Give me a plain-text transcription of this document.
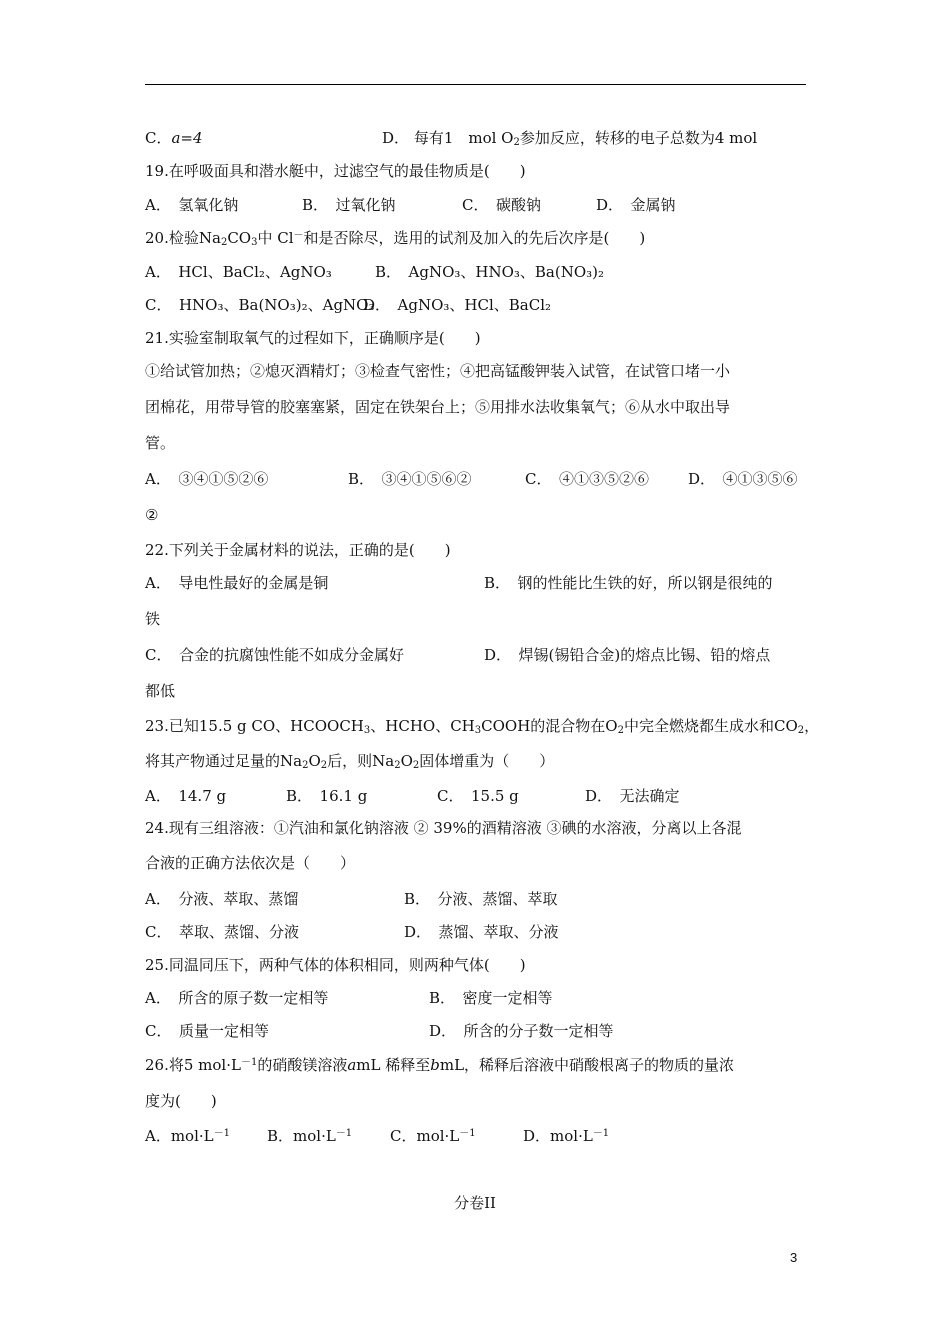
C．a=4	D． 每有1　mol $O_2$参加反应，转移的电子总数为4 mol
19.在呼吸面具和潜水艇中，过滤空气的最佳物质是(　　)
A．　氢氧化钠	B．　过氧化钠	C．　碳酸钠	D．　金属钠
20.检验$Na_2CO_3$中 Cl－和是否除尽，选用的试剂及加入的先后次序是(　　)
A．　HCl、BaCl₂、AgNO₃	B．　AgNO₃、HNO₃、Ba(NO₃)₂
C．　HNO₃、Ba(NO₃)₂、AgNO₃
D．　AgNO₃、HCl、BaCl₂
21.实验室制取氧气的过程如下，正确顺序是(　　)
①给试管加热；②熄灭酒精灯；③检查气密性；④把高锰酸钾装入试管，在试管口堵一小
团棉花，用带导管的胶塞塞紧，固定在铁架台上；⑤用排水法收集氧气；⑥从水中取出导
管。
A．　③④①⑤②⑥	B．　③④①⑤⑥②	C．　④①③⑤②⑥	D．　④①③⑤⑥
②
22.下列关于金属材料的说法，正确的是(　　)
A．　导电性最好的金属是铜	B．　钢的性能比生铁的好，所以钢是很纯的
铁
C．　合金的抗腐蚀性能不如成分金属好	D．　焊锡(锡铅合金)的熔点比锡、铅的熔点
都低
23.已知15.5 g CO、$HCOOCH_3$、HCHO、$CH_3COOH$的混合物在$O_2$中完全燃烧都生成水和$CO_2$，
将其产物通过足量的$Na_2O_2$后，则$Na_2O_2$固体增重为（　　）
A．　14.7 g	B．　16.1 g	C．　15.5 g	D．　无法确定
24.现有三组溶液：①汽油和氯化钠溶液 ② 39%的酒精溶液 ③碘的水溶液，分离以上各混
合液的正确方法依次是（　　）
A．　分液、萃取、蒸馏	B．　分液、蒸馏、萃取
C．　萃取、蒸馏、分液	D．　蒸馏、萃取、分液
25.同温同压下，两种气体的体积相同，则两种气体(　　)
A．　所含的原子数一定相等	B．　密度一定相等
C．　质量一定相等	D．　所含的分子数一定相等
26.将5 $mol\cdot L^{-1}$的硝酸镁溶液amL 稀释至bmL，稀释后溶液中硝酸根离子的物质的量浓
度为(　　)
A．$mol\cdot L^{-1}$ B．$mol\cdot L^{-1}$	C．$mol\cdot L^{-1}$	D．$mol\cdot L^{-1}$
分卷II
3
